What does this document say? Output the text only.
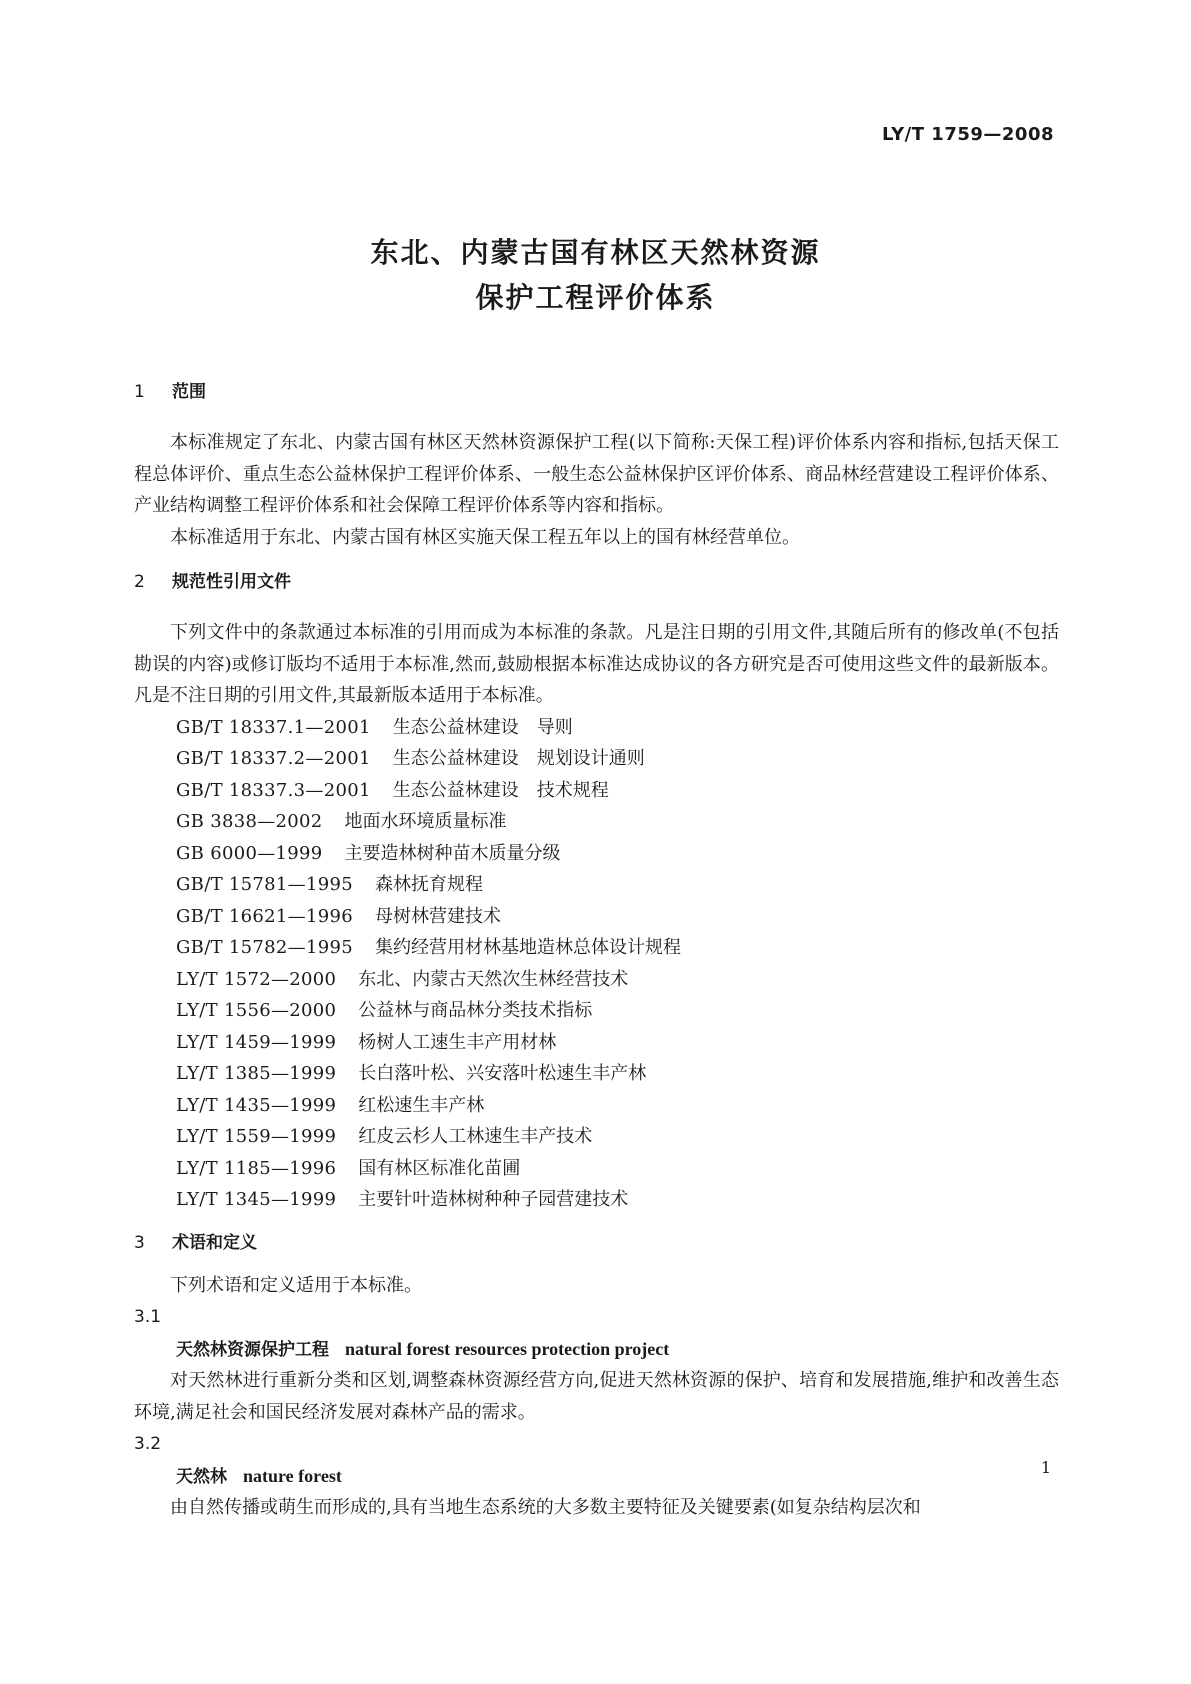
LY/T 1759—2008
东北、内蒙古国有林区天然林资源
保护工程评价体系
1 范围

本标准规定了东北、内蒙古国有林区天然林资源保护工程(以下简称:天保工程)评价体系内容和指标,包括天保工程总体评价、重点生态公益林保护工程评价体系、一般生态公益林保护区评价体系、商品林经营建设工程评价体系、产业结构调整工程评价体系和社会保障工程评价体系等内容和指标。

本标准适用于东北、内蒙古国有林区实施天保工程五年以上的国有林经营单位。

2 规范性引用文件

下列文件中的条款通过本标准的引用而成为本标准的条款。凡是注日期的引用文件,其随后所有的修改单(不包括勘误的内容)或修订版均不适用于本标准,然而,鼓励根据本标准达成协议的各方研究是否可使用这些文件的最新版本。凡是不注日期的引用文件,其最新版本适用于本标准。

GB/T 18337.1—2001 生态公益林建设　导则
GB/T 18337.2—2001 生态公益林建设　规划设计通则
GB/T 18337.3—2001 生态公益林建设　技术规程
GB 3838—2002 地面水环境质量标准
GB 6000—1999 主要造林树种苗木质量分级
GB/T 15781—1995 森林抚育规程
GB/T 16621—1996 母树林营建技术
GB/T 15782—1995 集约经营用材林基地造林总体设计规程
LY/T 1572—2000 东北、内蒙古天然次生林经营技术
LY/T 1556—2000 公益林与商品林分类技术指标
LY/T 1459—1999 杨树人工速生丰产用材林
LY/T 1385—1999 长白落叶松、兴安落叶松速生丰产林
LY/T 1435—1999 红松速生丰产林
LY/T 1559—1999 红皮云杉人工林速生丰产技术
LY/T 1185—1996 国有林区标准化苗圃
LY/T 1345—1999 主要针叶造林树种种子园营建技术
3 术语和定义

下列术语和定义适用于本标准。

3.1
天然林资源保护工程 natural forest resources protection project

对天然林进行重新分类和区划,调整森林资源经营方向,促进天然林资源的保护、培育和发展措施,维护和改善生态环境,满足社会和国民经济发展对森林产品的需求。

3.2
天然林 nature forest

由自然传播或萌生而形成的,具有当地生态系统的大多数主要特征及关键要素(如复杂结构层次和

1
